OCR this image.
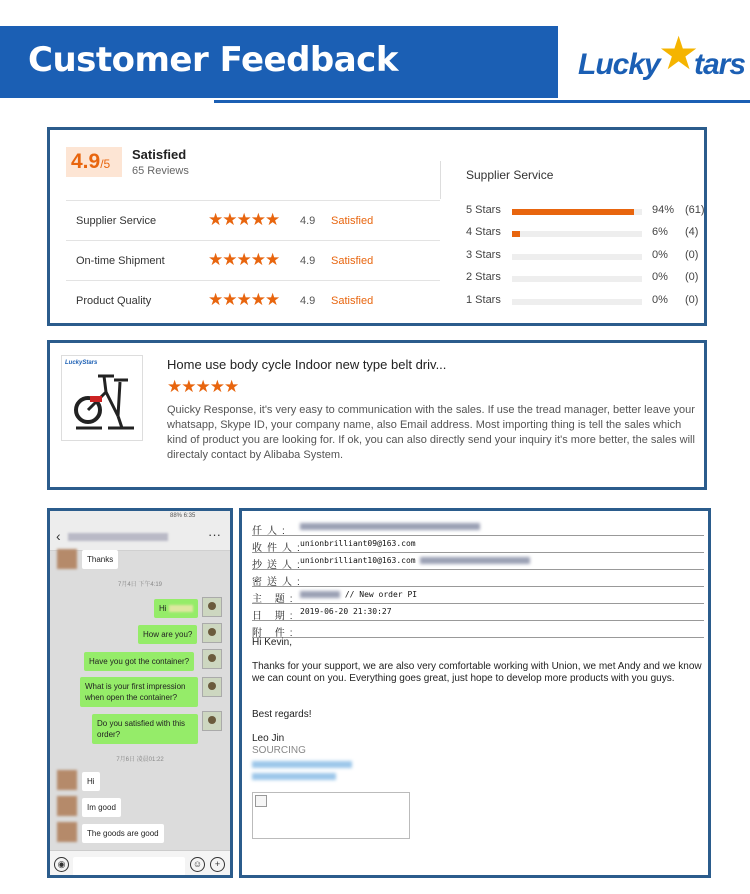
Customer Feedback	Lucky
★
tars
4.9/5
Satisfied
65 Reviews
Supplier Service	★★★★★ 4.9 Satisfied
On-time Shipment	★★★★★ 4.9 Satisfied
Product Quality	★★★★★ 4.9 Satisfied
Supplier Service
5 Stars	94% (61)
4 Stars	6% (4)
3 Stars	0% (0)
2 Stars	0% (0)
1 Stars	0% (0)
LuckyStars	Home use body cycle Indoor new type belt driv...
★★★★★
Quicky Response, it's very easy to communication with the sales. If use the tread manager, better leave your whatsapp, Skype ID, your company name, also Email address. Most importing thing is tell the sales which kind of product you are looking for. If ok, you can also directly send your inquiry it's more better, the sales will directaly contact by Alibaba System.
88% 6:35
‹	···
Thanks
7月4日 下午4:19
Hi
How are you?
Have you got the container?
What is your first impression when open the container?
Do you satisfied with this order?
7月6日 凌晨01:22
Hi
Im good
The goods are good
◉	☺	+
仟人:
收件人:
unionbrilliant09@163.com
抄送人:
unionbrilliant10@163.com
密送人:
主 题:	// New order PI
日 期: 2019-06-20 21:30:27
附 件:
Hi Kevin,
Thanks for your support, we are also very comfortable working with Union, we met Andy and we know we can count on you. Everything goes great, just hope to develop more products with you guys.
Best regards!
Leo Jin
SOURCING
